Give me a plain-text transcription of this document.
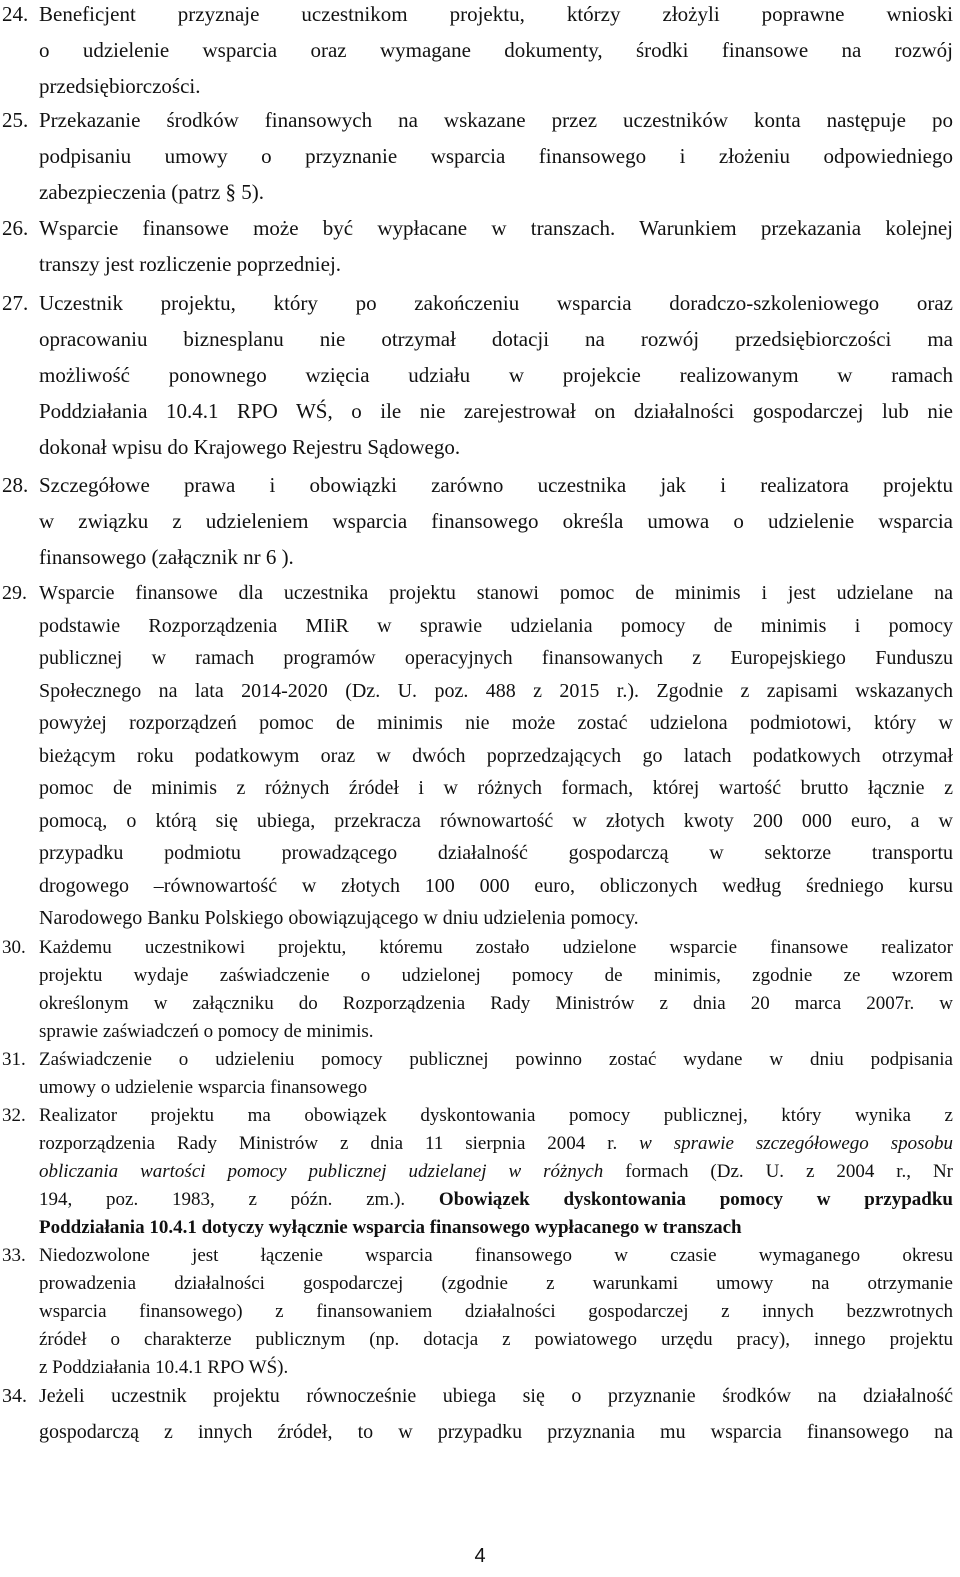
24. Beneficjent przyznaje uczestnikom projektu, którzy złożyli poprawne wnioski
o udzielenie wsparcia oraz wymagane dokumenty, środki finansowe na rozwój
przedsiębiorczości.
25. Przekazanie środków finansowych na wskazane przez uczestników konta następuje po
podpisaniu umowy o przyznanie wsparcia finansowego i złożeniu odpowiedniego
zabezpieczenia (patrz § 5).
26. Wsparcie finansowe może być wypłacane w transzach. Warunkiem przekazania kolejnej
transzy jest rozliczenie poprzedniej.
27. Uczestnik projektu, który po zakończeniu wsparcia doradczo-szkoleniowego oraz
opracowaniu biznesplanu nie otrzymał dotacji na rozwój przedsiębiorczości ma
możliwość ponownego wzięcia udziału w projekcie realizowanym w ramach
Poddziałania 10.4.1 RPO WŚ, o ile nie zarejestrował on działalności gospodarczej lub nie
dokonał wpisu do Krajowego Rejestru Sądowego.
28. Szczegółowe prawa i obowiązki zarówno uczestnika jak i realizatora projektu
w związku z udzieleniem wsparcia finansowego określa umowa o udzielenie wsparcia
finansowego (załącznik nr 6 ).
29. Wsparcie finansowe dla uczestnika projektu stanowi pomoc de minimis i jest udzielane na
podstawie Rozporządzenia MIiR w sprawie udzielania pomocy de minimis i pomocy
publicznej w ramach programów operacyjnych finansowanych z Europejskiego Funduszu
Społecznego na lata 2014-2020 (Dz. U. poz. 488 z 2015 r.). Zgodnie z zapisami wskazanych
powyżej rozporządzeń pomoc de minimis nie może zostać udzielona podmiotowi, który w
bieżącym roku podatkowym oraz w dwóch poprzedzających go latach podatkowych otrzymał
pomoc de minimis z różnych źródeł i w różnych formach, której wartość brutto łącznie z
pomocą, o którą się ubiega, przekracza równowartość w złotych kwoty 200 000 euro, a w
przypadku podmiotu prowadzącego działalność gospodarczą w sektorze transportu
drogowego –równowartość w złotych 100 000 euro, obliczonych według średniego kursu
Narodowego Banku Polskiego obowiązującego w dniu udzielenia pomocy.
30. Każdemu uczestnikowi projektu, któremu zostało udzielone wsparcie finansowe realizator
projektu wydaje zaświadczenie o udzielonej pomocy de minimis, zgodnie ze wzorem
określonym w załączniku do Rozporządzenia Rady Ministrów z dnia 20 marca 2007r. w
sprawie zaświadczeń o pomocy de minimis.
31. Zaświadczenie o udzieleniu pomocy publicznej powinno zostać wydane w dniu podpisania
umowy o udzielenie wsparcia finansowego
32. Realizator projektu ma obowiązek dyskontowania pomocy publicznej, który wynika z
rozporządzenia Rady Ministrów z dnia 11 sierpnia 2004 r. w sprawie szczegółowego sposobu
obliczania wartości pomocy publicznej udzielanej w różnych formach (Dz. U. z 2004 r., Nr
194, poz. 1983, z późn. zm.). Obowiązek dyskontowania pomocy w przypadku
Poddziałania 10.4.1 dotyczy wyłącznie wsparcia finansowego wypłacanego w transzach
33. Niedozwolone jest łączenie wsparcia finansowego w czasie wymaganego okresu
prowadzenia działalności gospodarczej (zgodnie z warunkami umowy na otrzymanie
wsparcia finansowego) z finansowaniem działalności gospodarczej z innych bezzwrotnych
źródeł o charakterze publicznym (np. dotacja z powiatowego urzędu pracy), innego projektu
z Poddziałania 10.4.1 RPO WŚ).
34. Jeżeli uczestnik projektu równocześnie ubiega się o przyznanie środków na działalność
gospodarczą z innych źródeł, to w przypadku przyznania mu wsparcia finansowego na
4
